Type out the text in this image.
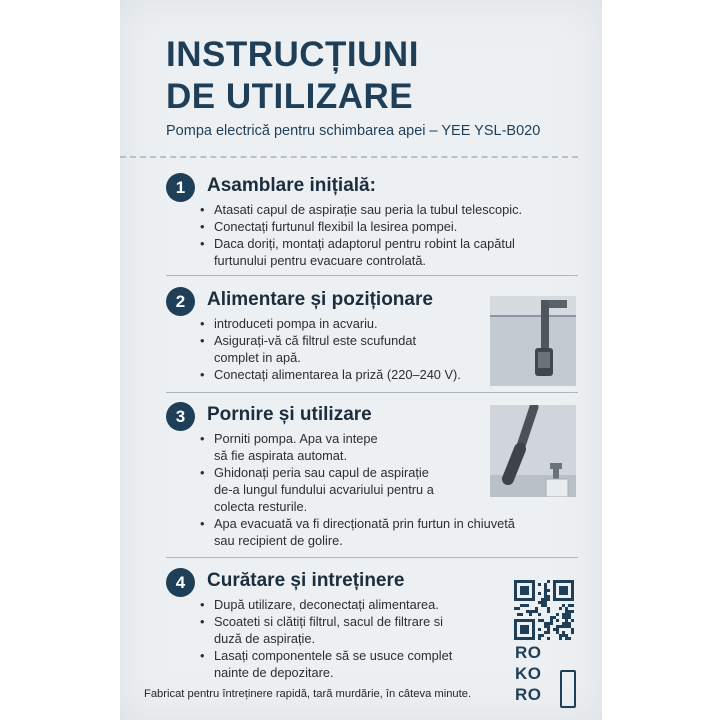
INSTRUCȚIUNI
DE UTILIZARE

Pompa electrică pentru schimbarea apei – YEE YSL-B020

1	Asamblare inițială:
• Atasati capul de aspirație sau peria la tubul telescopic.
• Conectați furtunul flexibil la lesirea pompei.
• Daca doriți, montați adaptorul pentru robint la capătul
furtunului pentru evacuare controlată.
2	Alimentare și poziționare
• introduceti pompa in acvariu.
• Asigurați-vă că filtrul este scufundat
complet in apă.
• Conectați alimentarea la priză (220–240 V).
3	Pornire și utilizare
• Porniti pompa. Apa va intepe
să fie aspirata automat.
• Ghidonați peria sau capul de aspirație
de-a lungul fundului acvariului pentru a
colecta resturile.
• Apa evacuată va fi direcționată prin furtun in chiuvetă
sau recipient de golire.
4	Curătare și intreținere
• După utilizare, deconectați alimentarea.
• Scoateti si clătiți filtrul, sacul de filtrare si
duză de aspirație.
• Lasați componentele să se usuce complet
nainte de depozitare.
RO
KO
RO

Fabricat pentru întreținere rapidă, tară murdărie, în câteva minute.
